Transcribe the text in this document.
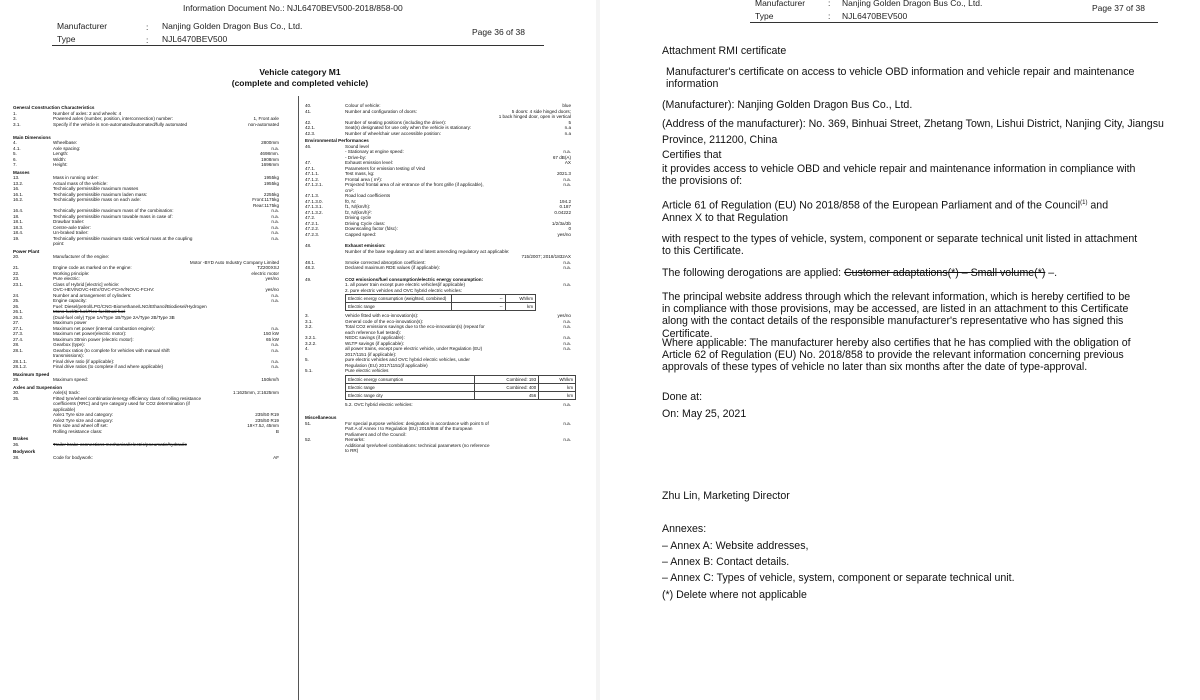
Information Document No.: NJL6470BEV500-2018/858-00
Manufacturer	: Nanjing Golden Dragon Bus Co., Ltd.
Type	: NJL6470BEV500
Page 36 of 38
Vehicle category M1
(complete and completed vehicle)
General Construction Characteristics
1.	Number of axles: 2 and wheels: 4
3.	Powered axles (number, position, interconnection) number:	1, Front axle
3.1.	Specify if the vehicle is non-automated/automated/fully automated	non-automated
Main Dimensions
4.	Wheelbase:	2800mm
4.1.	Axle spacing:	n.a.
5.	Length:	4698mm.
6.	Width:	1908mm
7.	Height:	1696mm
Masses
13.	Mass in running order:	1955kg
13.2.	Actual mass of the vehicle:	1955kg
16.	Technically permissible maximum masses
16.1.	Technically permissible maximum laden mass:	2255kg
16.2.	Technically permissible mass on each axle:	Front:1175kg
Rear:1175kg
16.4.	Technically permissible maximum mass of the combination:	n.a.
18.	Technically permissible maximum towable mass in case of:	n.a.
18.1.	Drawbar trailer:	n.a.
18.3.	Centre-axle trailer:	n.a.
18.4.	Un-braked trailer:	n.a.
19.	Technically permissible maximum static vertical mass at the coupling point:
n.a.
Power Plant
20.	Manufacturer of the engine:
Motor -BYD Auto Industry Company Limited
21.	Engine code as marked on the engine:	TZ200XSJ
22.	Working principle:	electric motor
23.	Pure electric:	yes/no
23.1.	Class of Hybrid [electric] vehicle:
OVC-HEV/NOVC-HEV/OVC-FCHV/NOVC-FCHV:	yes/no
24.	Number and arrangement of cylinders:	n.a.
25.	Engine capacity:	n.a.
26.	Fuel: Diesel/petrol/LPG/CNG-Biomethane/LNG/Ethanol/Biodiesel/Hydrogen
26.1.	Mono fuel/Bi fuel/Flex fuel/Dual fuel
26.2.	(Dual-fuel only) Type 1A/Type 1B/Type 2A/Type 2B/Type 3B
27.	Maximum power
27.1.	Maximum net power (internal combustion engine):	n.a.
27.3.	Maximum net power(electric motor):	150 kW
27.4.	Maximum 30min power (electric motor):	65 kW
28.	Gearbox (type):	n.a.
28.1.	Gearbox ratios (to complete for vehicles with manual shift transmissions):
n.a.
28.1.1.	Final drive ratio (if applicable):	n.a.
28.1.2.	Final drive ratios (to complete if and where applicable)	n.a.
Maximum Speed
29.	Maximum speed:	150km/h
Axles and Suspension
30.	Axle(s) track:	1:1625mm, 2:1625mm
35.	Fitted tyre/wheel combination/energy efficiency class of rolling resistance coefficients (RRC) and tyre category used for CO2 determination (if applicable)
Axle1 Tyre size and category:	235/50 R19
Axle2 Tyre size and category:	235/50 R19
Rim size and wheel off set:	19×7.5J, 45mm
Rolling resistance class:	B
Brakes
36.	Trailer brake connections mechanical/electric/pneumatic/hydraulic
Bodywork
38.	Code for bodywork:	AF
40.	Colour of vehicle:	blue
41.	Number and configuration of doors:	5 doors: 4 side hinged doors;
1 back hinged door, open in vertical
42.	Number of seating positions (including the driver):	5
42.1.	Seat(s) designated for use only when the vehicle is stationary:	n.a
42.3.	Number of wheelchair user accessible position:	n.a
Environmental Performances
46.	Sound level
- Stationary at engine speed:	n.a.
- Drive-by:	67 dB(A)
47.	Exhaust emission level:	AX
47.1.	Parameters for emission testing of Vind
47.1.1.	Test mass, kg:	2021.3
47.1.2.	Frontal area ( m²):	n.a.
47.1.2.1.	Projected frontal area of air entrance of the front grille (if applicable), cm²:
n.a.
47.1.3.	Road load coefficients
47.1.3.0.	f0, N:	194.2
47.1.3.1.	f1, N/(km/h):	0.187
47.1.3.2.	f2, N/(km/h)²:	0.04222
47.2.	Driving cycle
47.2.1.	Driving Cycle class:	1/2/3a/3b
47.2.2.	Downscaling factor (fdsc):	0
47.2.3.	Capped speed:	yes/no
48.	Exhaust emission:
Number of the base regulatory act and latest amending regulatory act applicable:
715/2007; 2018/1832AX
48.1.	Smoke corrected absorption coefficient:	n.a.
48.2.	Declared maximum RDE values (if applicable):	n.a.
49.	CO2 emissions/fuel consumption/electric energy consumption:
1. all power train except pure electric vehicles(if applicable)	n.a.
2. pure electric vehicles and OVC hybrid electric vehicles:
Electric energy consumption (weighted, combined)	--	Wh/km
Electric range	--	km
3.	Vehicle fitted with eco-innovation(s):	yes/no
3.1.	General code of the eco-innovation(s):	n.a.
3.2.	Total CO2 emissions savings due to the eco-innovation(s) (repeat for each reference fuel tested):
n.a.
3.2.1.	NEDC savings (if applicable):	n.a.
3.2.2.	WLTP savings (if applicable):	n.a.
4.	all power trains, except pure electric vehicle, under Regulation (EU) 2017/1151 (if applicable):
n.a.
5.	pure electric vehicles and OVC hybrid electric vehicles, under Regulation (EU) 2017/1151(if applicable)
5.1.	Pure electric vehicles
Electric energy consumption	Combined: 193	Wh/km
Electric range	Combined: 400	km
Electric range city	456	km
5.2. OVC hybrid electric vehicles:	n.a.
Miscellaneous
51.	For special purpose vehicles: designation in accordance with point 5 of Part A of Annex I to Regulation (EU) 2018/858 of the European Parliament and of the Council:
n.a.
52.	Remarks:	n.a.
Additional tyre/wheel combinations: technical parameters (no reference to RR)
Manufacturer	: Nanjing Golden Dragon Bus Co., Ltd.
Type	: NJL6470BEV500
Page 37 of 38
Attachment RMI certificate
Manufacturer's certificate on access to vehicle OBD information and vehicle repair and maintenance information

(Manufacturer): Nanjing Golden Dragon Bus Co., Ltd.

(Address of the manufacturer): No. 369, Binhuai Street, Zhetang Town, Lishui District, Nanjing City, Jiangsu Province, 211200, China

Certifies that

it provides access to vehicle OBD and vehicle repair and maintenance information in compliance with the provisions of:

Article 61 of Regulation (EU) No 2018/858 of the European Parliament and of the Council$^{(1)}$ and Annex X to that Regulation

with respect to the types of vehicle, system, component or separate technical unit listed in attachment to this Certificate.

The following derogations are applied: Customer adaptations(*) – Small volume(*) –.

The principal website address through which the relevant information, which is hereby certified to be in compliance with those provisions, may be accessed, are listed in an attachment to this Certificate along with the contact details of the responsible manufacturer's representative who has signed this Certificate.

Where applicable: The manufacturer hereby also certifies that he has complied with the obligation of Article 62 of Regulation (EU) No. 2018/858 to provide the relevant information concerning previous approvals of these types of vehicle no later than six months after the date of type-approval.

Done at:

On: May 25, 2021

Zhu Lin, Marketing Director

Annexes:

– Annex A: Website addresses,

– Annex B: Contact details.

– Annex C: Types of vehicle, system, component or separate technical unit.

(*) Delete where not applicable
